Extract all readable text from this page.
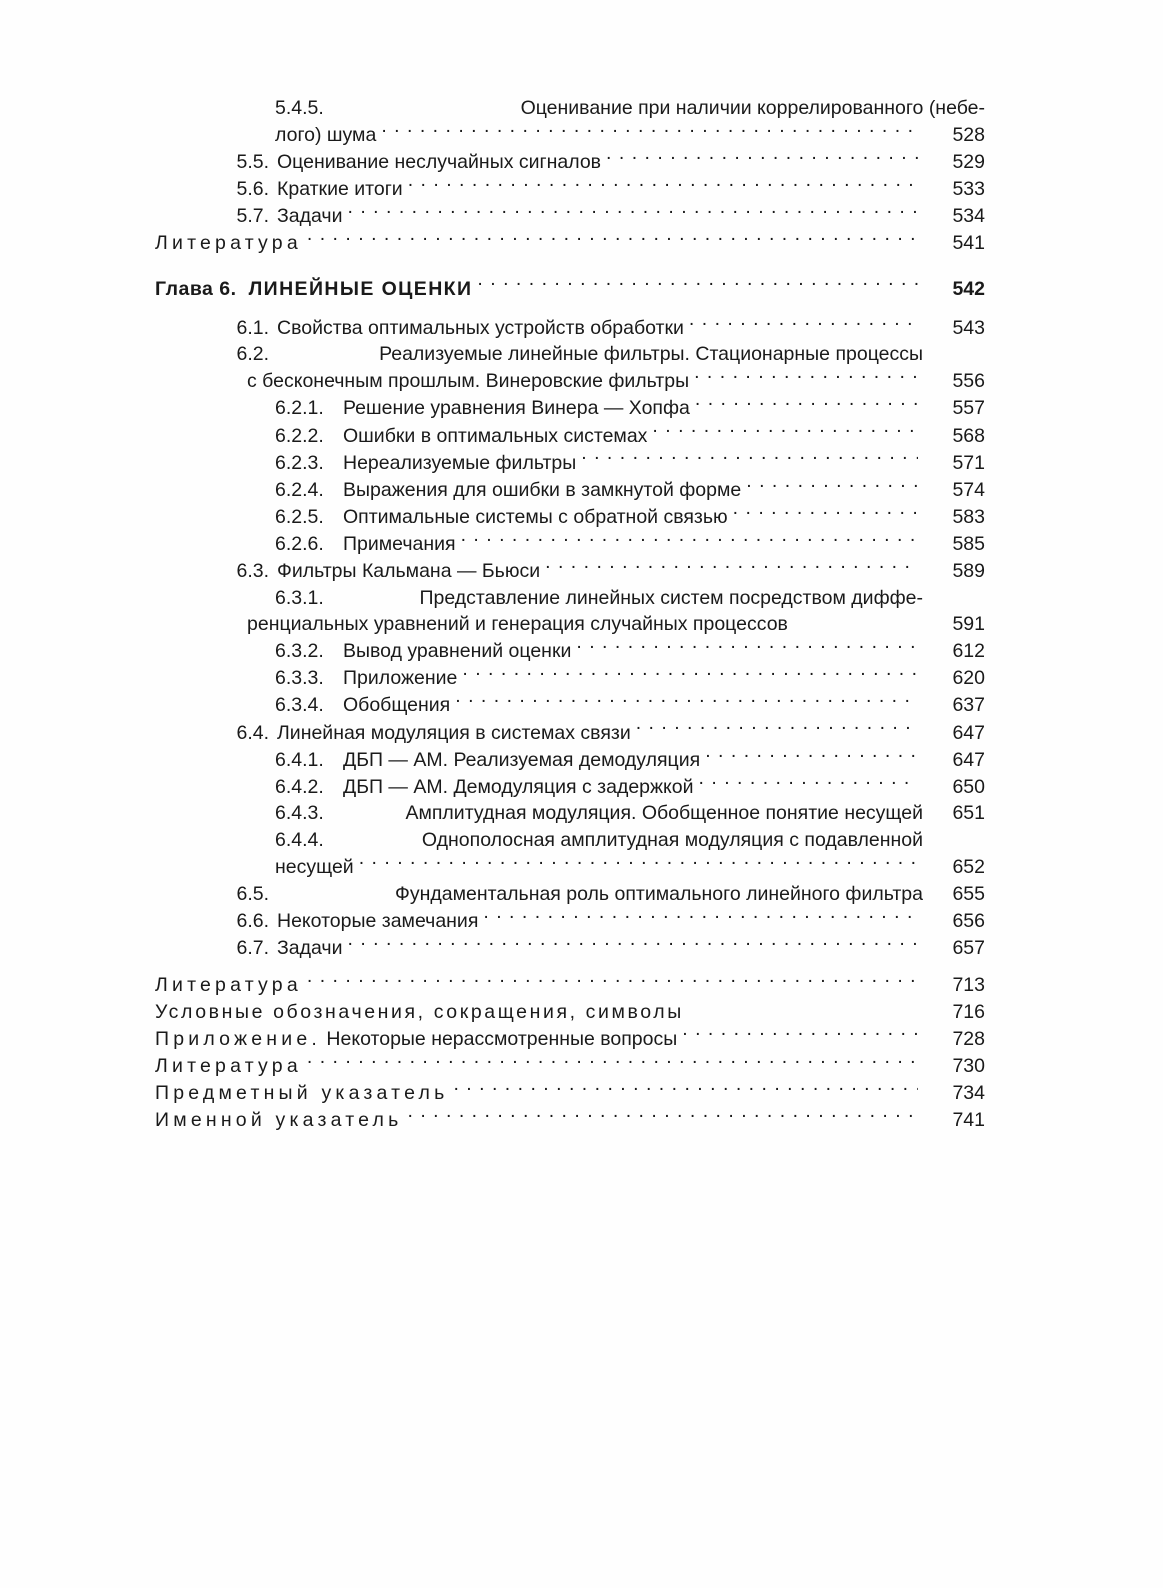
5.4.5.	Оценивание при наличии коррелированного (небе-
лого) шума . . .	528
5.5. Оценивание неслучайных сигналов . . .	529
5.6. Краткие итоги . . .	533
5.7. Задачи . . .	534
Литература . . .	541
Глава 6. ЛИНЕЙНЫЕ ОЦЕНКИ . . .	542
6.1. Свойства оптимальных устройств обработки . . .	543
6.2.	Реализуемые линейные фильтры. Стационарные процессы
с бесконечным прошлым. Винеровские фильтры . . .	556
6.2.1. Решение уравнения Винера — Хопфа . . .	557
6.2.2. Ошибки в оптимальных системах . . .	568
6.2.3. Нереализуемые фильтры . . .	571
6.2.4. Выражения для ошибки в замкнутой форме . . .	574
6.2.5. Оптимальные системы с обратной связью . . .	583
6.2.6. Примечания . . .	585
6.3. Фильтры Кальмана — Бьюси . . .	589
6.3.1.	Представление линейных систем посредством диффе-
ренциальных уравнений и генерация случайных процессов	591
6.3.2. Вывод уравнений оценки . . .	612
6.3.3. Приложение . . .	620
6.3.4. Обобщения . . .	637
6.4. Линейная модуляция в системах связи . . .	647
6.4.1. ДБП — АМ. Реализуемая демодуляция . . .	647
6.4.2. ДБП — АМ. Демодуляция с задержкой . . .	650
6.4.3.	Амплитудная модуляция. Обобщенное понятие несущей	651
6.4.4.	Однополосная амплитудная модуляция с подавленной
несущей . . .	652
6.5.	Фундаментальная роль оптимального линейного фильтра	655
6.6. Некоторые замечания . . .	656
6.7. Задачи . . .	657
Литература . . .	713
Условные обозначения, сокращения, символы	716
Приложение. Некоторые нерассмотренные вопросы . . .	728
Литература . . .	730
Предметный указатель . . .	734
Именной указатель . . .	741
